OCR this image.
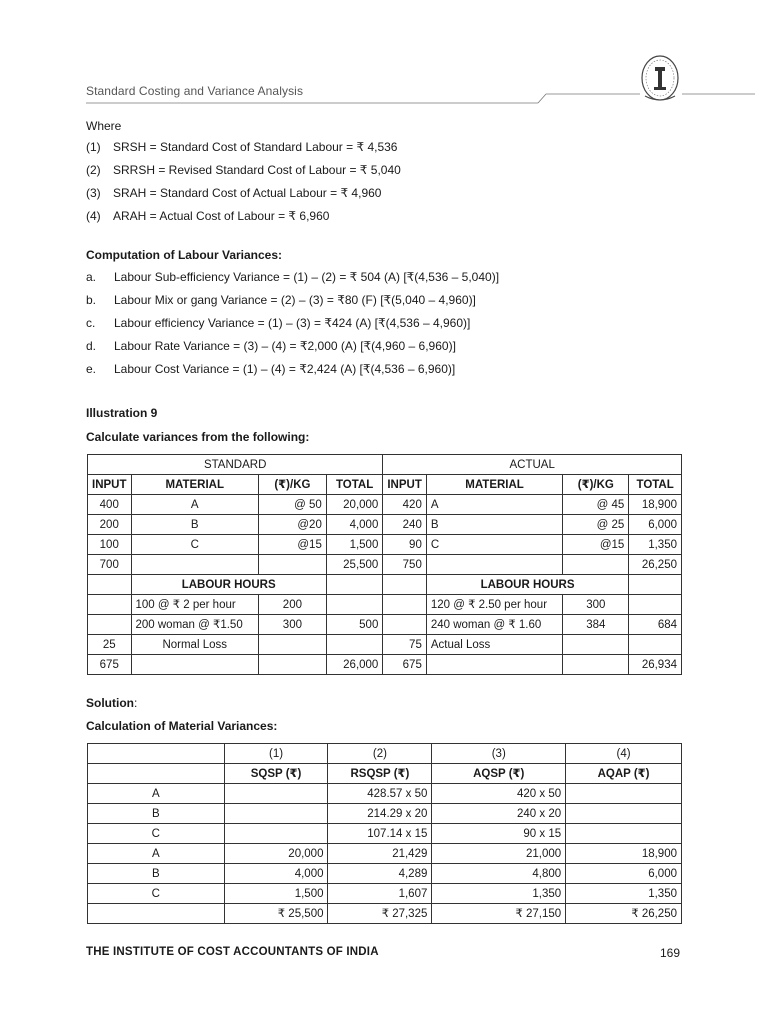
Standard Costing and Variance Analysis
Where
(1)	SRSH = Standard Cost of Standard Labour = ₹ 4,536
(2)	SRRSH = Revised Standard Cost of Labour = ₹ 5,040
(3)	SRAH = Standard Cost of Actual Labour = ₹ 4,960
(4)	ARAH = Actual Cost of Labour = ₹ 6,960
Computation of Labour Variances:
a.	Labour Sub-efficiency Variance = (1) – (2) = ₹ 504 (A) [₹(4,536 – 5,040)]
b.	Labour Mix or gang Variance = (2) – (3) = ₹80 (F) [₹(5,040 – 4,960)]
c.	Labour efficiency Variance = (1) – (3) = ₹424 (A) [₹(4,536 – 4,960)]
d.	Labour Rate Variance = (3) – (4) = ₹2,000 (A) [₹(4,960 – 6,960)]
e.	Labour Cost Variance = (1) – (4) = ₹2,424 (A) [₹(4,536 – 6,960)]
Illustration 9
Calculate variances from the following:
STANDARD				ACTUAL			
INPUT	MATERIAL	(₹)/KG	TOTAL	INPUT	MATERIAL	(₹)/KG	TOTAL
400	A	@ 50	20,000	420	A	@ 45	18,900
200	B	@20	4,000	240	B	@ 25	6,000
100	C	@15	1,500	90	C	@15	1,350
700			25,500	750			26,250
	LABOUR HOURS				LABOUR HOURS		
	100 @ ₹ 2 per hour	200			120 @ ₹ 2.50 per hour	300	
	200 woman @ ₹1.50	300	500		240 woman @ ₹ 1.60	384	684
25	Normal Loss			75	Actual Loss		
675			26,000	675			26,934
Solution:
Calculation of Material Variances:
	(1)	(2)	(3)	(4)
	SQSP (₹)	RSQSP (₹)	AQSP (₹)	AQAP (₹)
A		428.57 x 50	420 x 50	
B		214.29 x 20	240 x 20	
C		107.14 x 15	90 x 15	
A	20,000	21,429	21,000	18,900
B	4,000	4,289	4,800	6,000
C	1,500	1,607	1,350	1,350
	₹ 25,500	₹ 27,325	₹ 27,150	₹ 26,250
THE INSTITUTE OF COST ACCOUNTANTS OF INDIA	169
